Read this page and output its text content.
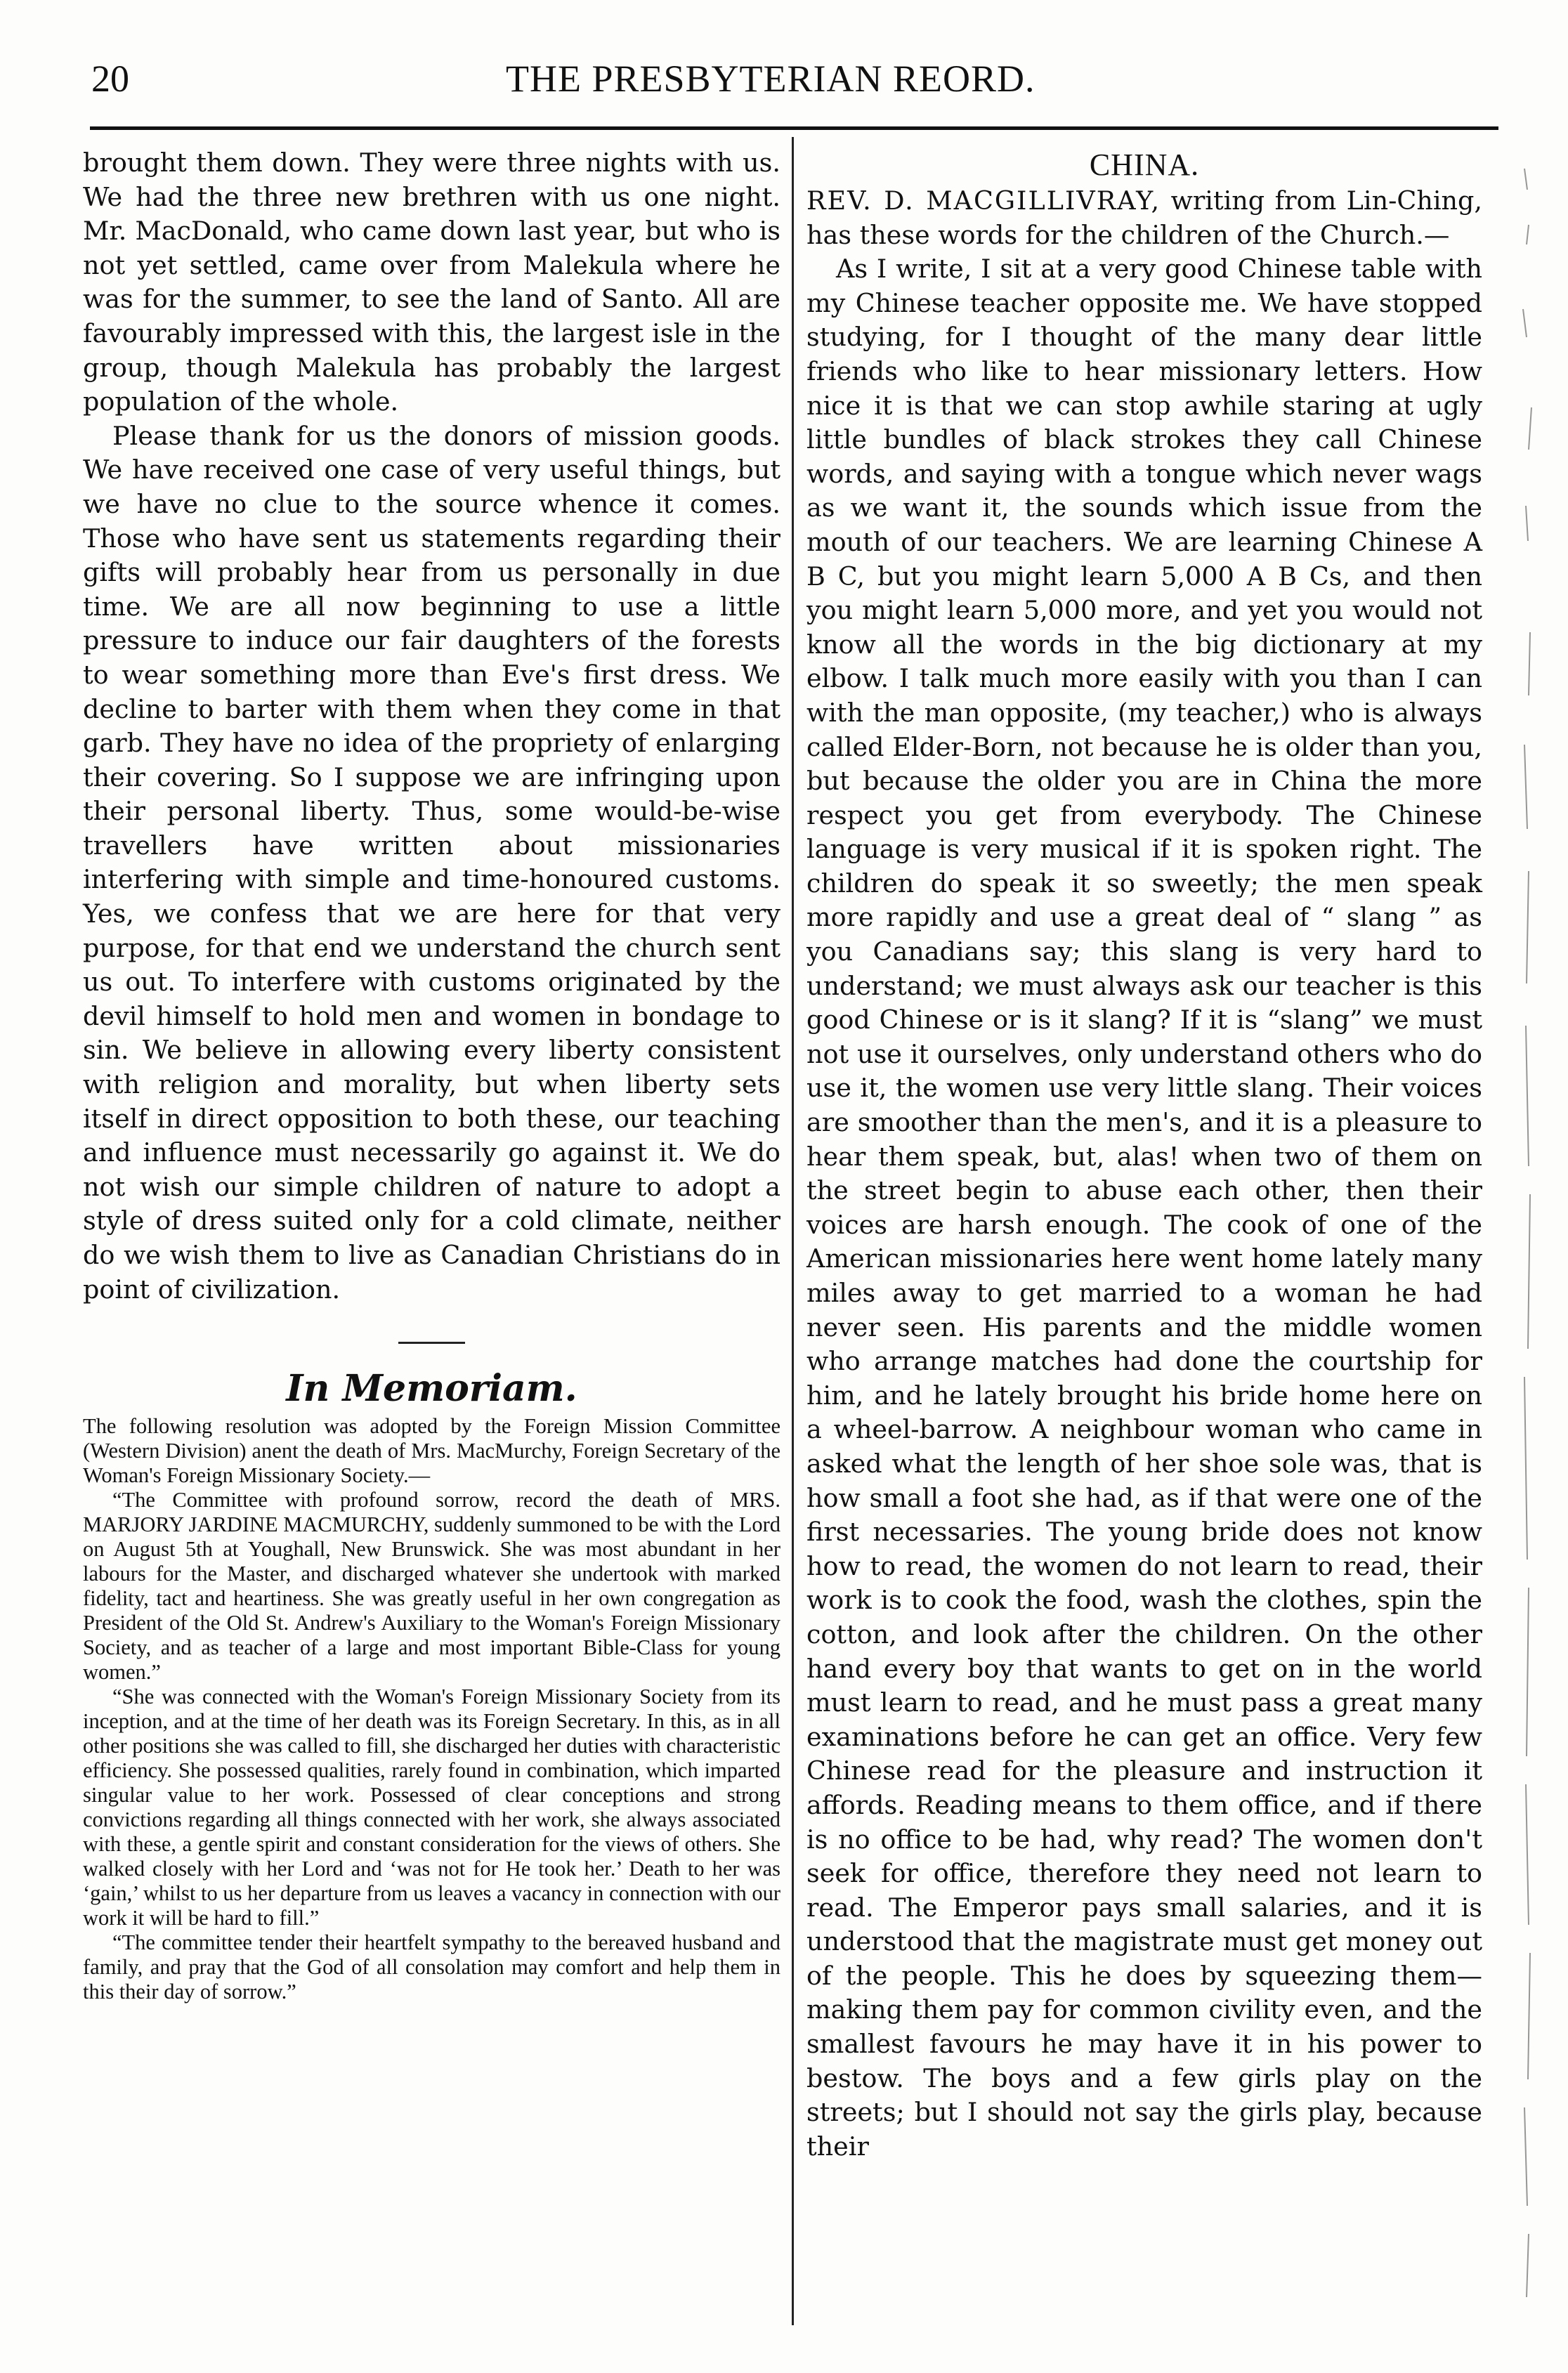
20	THE PRESBYTERIAN REORD.

brought them down. They were three nights with us. We had the three new brethren with us one night. Mr. MacDonald, who came down last year, but who is not yet settled, came over from Malekula where he was for the summer, to see the land of Santo. All are favourably impressed with this, the largest isle in the group, though Malekula has probably the largest population of the whole.

Please thank for us the donors of mission goods. We have received one case of very useful things, but we have no clue to the source whence it comes. Those who have sent us statements regarding their gifts will probably hear from us personally in due time. We are all now beginning to use a little pressure to induce our fair daughters of the forests to wear something more than Eve's first dress. We decline to barter with them when they come in that garb. They have no idea of the propriety of enlarging their covering. So I suppose we are infringing upon their personal liberty. Thus, some would-be-wise travellers have written about missionaries interfering with simple and time-honoured customs. Yes, we confess that we are here for that very purpose, for that end we understand the church sent us out. To interfere with customs originated by the devil himself to hold men and women in bondage to sin. We believe in allowing every liberty consistent with religion and morality, but when liberty sets itself in direct opposition to both these, our teaching and influence must necessarily go against it. We do not wish our simple children of nature to adopt a style of dress suited only for a cold climate, neither do we wish them to live as Canadian Christians do in point of civilization.

In Memoriam.

The following resolution was adopted by the Foreign Mission Committee (Western Division) anent the death of Mrs. MacMurchy, Foreign Secretary of the Woman's Foreign Missionary Society.—

“The Committee with profound sorrow, record the death of MRS. MARJORY JARDINE MACMURCHY, suddenly summoned to be with the Lord on August 5th at Youghall, New Brunswick. She was most abundant in her labours for the Master, and discharged whatever she undertook with marked fidelity, tact and heartiness. She was greatly useful in her own congregation as President of the Old St. Andrew's Auxiliary to the Woman's Foreign Missionary Society, and as teacher of a large and most important Bible-Class for young women.”

“She was connected with the Woman's Foreign Missionary Society from its inception, and at the time of her death was its Foreign Secretary. In this, as in all other positions she was called to fill, she discharged her duties with characteristic efficiency. She possessed qualities, rarely found in combination, which imparted singular value to her work. Possessed of clear conceptions and strong convictions regarding all things connected with her work, she always associated with these, a gentle spirit and constant consideration for the views of others. She walked closely with her Lord and ‘was not for He took her.’ Death to her was ‘gain,’ whilst to us her departure from us leaves a vacancy in connection with our work it will be hard to fill.”

“The committee tender their heartfelt sympathy to the bereaved husband and family, and pray that the God of all consolation may comfort and help them in this their day of sorrow.”

CHINA.

REV. D. MACGILLIVRAY, writing from Lin-Ching, has these words for the children of the Church.—

As I write, I sit at a very good Chinese table with my Chinese teacher opposite me. We have stopped studying, for I thought of the many dear little friends who like to hear missionary letters. How nice it is that we can stop awhile staring at ugly little bundles of black strokes they call Chinese words, and saying with a tongue which never wags as we want it, the sounds which issue from the mouth of our teachers. We are learning Chinese A B C, but you might learn 5,000 A B Cs, and then you might learn 5,000 more, and yet you would not know all the words in the big dictionary at my elbow. I talk much more easily with you than I can with the man opposite, (my teacher,) who is always called Elder-Born, not because he is older than you, but because the older you are in China the more respect you get from everybody. The Chinese language is very musical if it is spoken right. The children do speak it so sweetly; the men speak more rapidly and use a great deal of “ slang ” as you Canadians say; this slang is very hard to understand; we must always ask our teacher is this good Chinese or is it slang? If it is “slang” we must not use it ourselves, only understand others who do use it, the women use very little slang. Their voices are smoother than the men's, and it is a pleasure to hear them speak, but, alas! when two of them on the street begin to abuse each other, then their voices are harsh enough. The cook of one of the American missionaries here went home lately many miles away to get married to a woman he had never seen. His parents and the middle women who arrange matches had done the courtship for him, and he lately brought his bride home here on a wheel-barrow. A neighbour woman who came in asked what the length of her shoe sole was, that is how small a foot she had, as if that were one of the first necessaries. The young bride does not know how to read, the women do not learn to read, their work is to cook the food, wash the clothes, spin the cotton, and look after the children. On the other hand every boy that wants to get on in the world must learn to read, and he must pass a great many examinations before he can get an office. Very few Chinese read for the pleasure and instruction it affords. Reading means to them office, and if there is no office to be had, why read? The women don't seek for office, therefore they need not learn to read. The Emperor pays small salaries, and it is understood that the magistrate must get money out of the people. This he does by squeezing them—making them pay for common civility even, and the smallest favours he may have it in his power to bestow. The boys and a few girls play on the streets; but I should not say the girls play, because their
